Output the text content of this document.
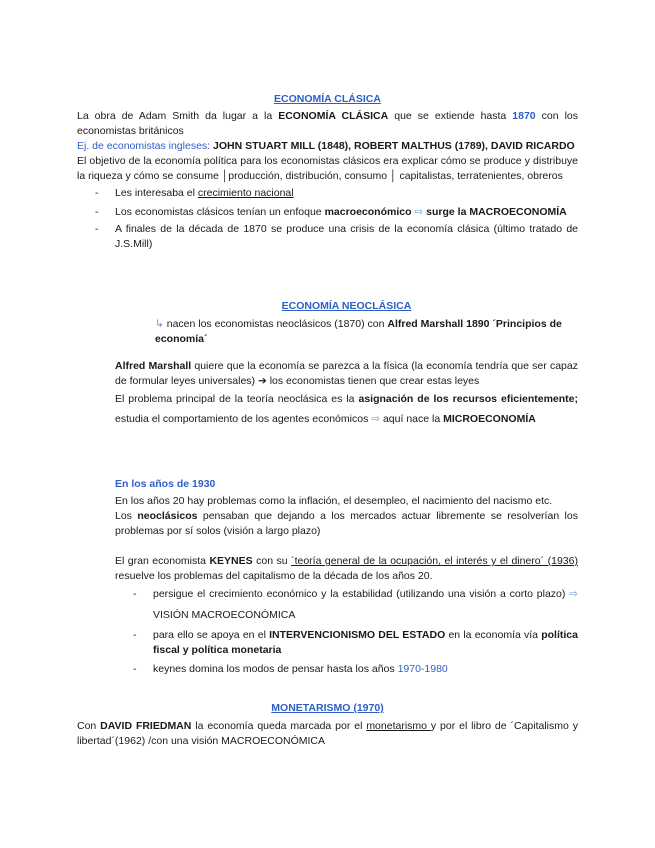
ECONOMÍA CLÁSICA

La obra de Adam Smith da lugar a la ECONOMÍA CLÁSICA que se extiende hasta 1870 con los economistas británicos

Ej. de economistas ingleses: JOHN STUART MILL (1848), ROBERT MALTHUS (1789), DAVID RICARDO

El objetivo de la economía política para los economistas clásicos era explicar cómo se produce y distribuye la riqueza y cómo se consume │producción, distribución, consumo │ capitalistas, terratenientes, obreros

- Les interesaba el crecimiento nacional
- Los economistas clásicos tenían un enfoque macroeconómico ⇨ surge la MACROECONOMÍA
- A finales de la década de 1870 se produce una crisis de la economía clásica (último tratado de J.S.Mill)

ECONOMÍA NEOCLÁSICA

↳ nacen los economistas neoclásicos (1870) con Alfred Marshall 1890 ´Principios de economía´

Alfred Marshall quiere que la economía se parezca a la física (la economía tendría que ser capaz de formular leyes universales) ➔ los economistas tienen que crear estas leyes

El problema principal de la teoría neoclásica es la asignación de los recursos eficientemente; estudia el comportamiento de los agentes económicos ⇨ aquí nace la MICROECONOMÍA

En los años de 1930

En los años 20 hay problemas como la inflación, el desempleo, el nacimiento del nacismo etc.

Los neoclásicos pensaban que dejando a los mercados actuar libremente se resolverían los problemas por sí solos (visión a largo plazo)

El gran economista KEYNES con su ´teoría general de la ocupación, el interés y el dinero´ (1936) resuelve los problemas del capitalismo de la década de los años 20.

- persigue el crecimiento económico y la estabilidad (utilizando una visión a corto plazo) ⇨ VISIÓN MACROECONÓMICA
- para ello se apoya en el INTERVENCIONISMO DEL ESTADO en la economía vía política fiscal y política monetaria
- keynes domina los modos de pensar hasta los años 1970-1980

MONETARISMO (1970)

Con DAVID FRIEDMAN la economía queda marcada por el monetarismo y por el libro de ´Capitalismo y libertad´(1962) /con una visión MACROECONÓMICA
